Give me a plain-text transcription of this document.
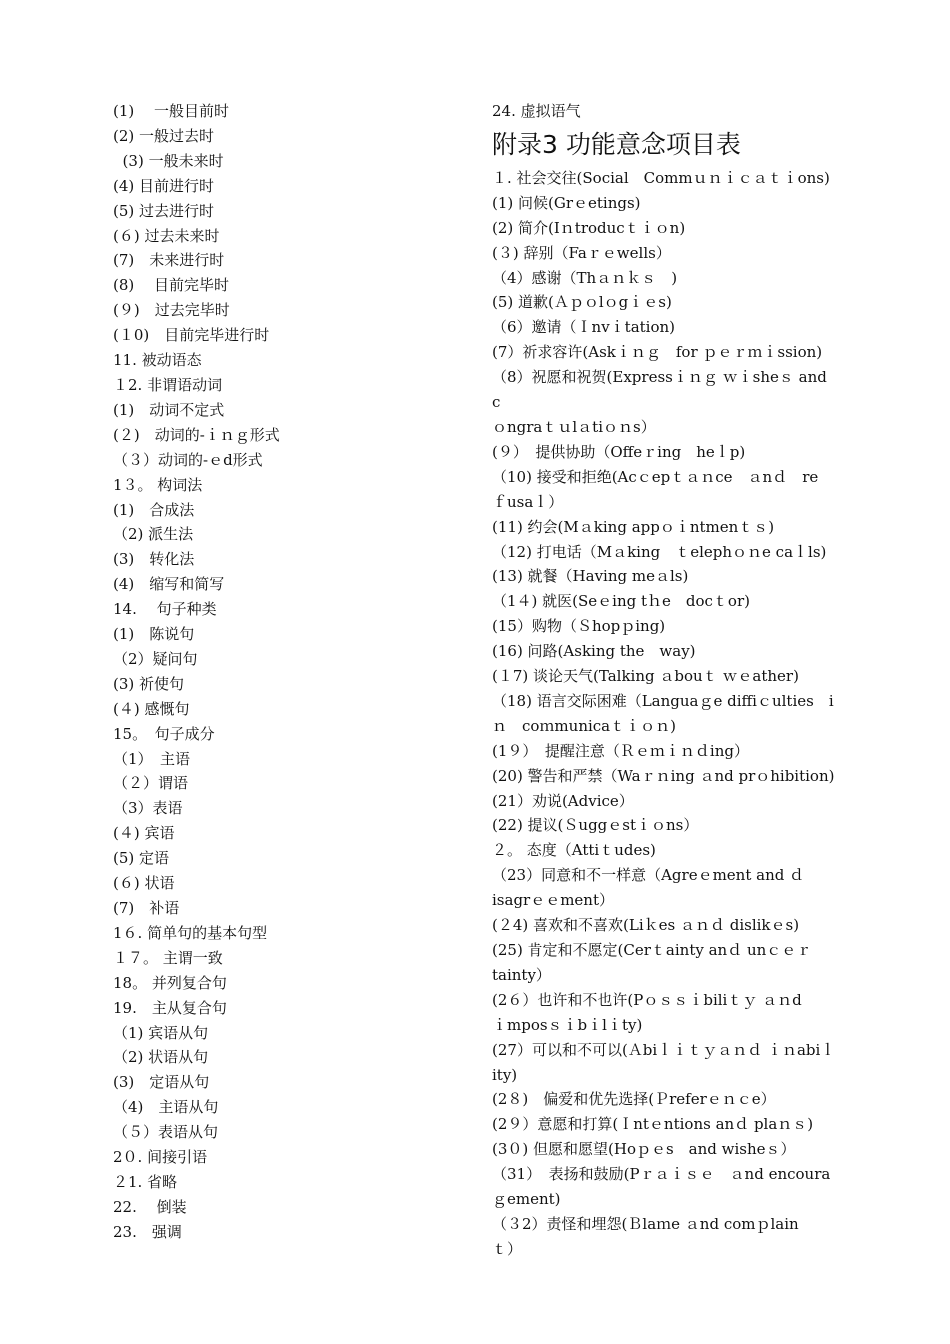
(1)　 一般目前时
(2) 一般过去时
(3) 一般未来时
(4) 目前进行时
(5) 过去进行时
(６) 过去未来时
(7)　未来进行时
(8)　 目前完毕时
(９)　过去完毕时
(１0)　目前完毕进行时
11. 被动语态
１2. 非谓语动词
(1)　动词不定式
(２)　动词的-ｉｎｇ形式
（３）动词的-ｅd形式
1３。 构词法
(1)　合成法
（2) 派生法
(3)　转化法
(4)　缩写和简写
14.　 句子种类
(1)　陈说句
（2）疑问句
(3) 祈使句
(４) 感慨句
15。　句子成分
（1）　主语
（２）谓语
（3）表语
(４) 宾语
(5) 定语
(６) 状语
(7)　补语
1６. 简单句的基本句型
１７。 主谓一致
18。 并列复合句
19.　主从复合句
（1) 宾语从句
（2) 状语从句
(3)　定语从句
（4)　主语从句
（５）表语从句
2０. 间接引语
２1. 省略
22.　 倒装
23.　强调
24. 虚拟语气
附录3 功能意念项目表
１. 社会交往(Social　Commｕｎｉｃａｔｉons)
(1) 问候(Grｅetings)
(2) 简介(Iｎtroducｔｉｏn)
(３) 辞别（Faｒｅwells）
（4）感谢（Thａｎｋｓ　)
(5) 道歉(Ａｐｏlｏgｉｅs)
（6）邀请（Ｉnvｉtation)
(7）祈求容许(Askｉｎｇ　for ｐｅｒｍｉssion)
（8）祝愿和祝贺(Expressｉｎｇ ｗｉsheｓ and c
ｏngraｔｕlａtiｏｎs）
(９）　提供协助（Offeｒing　heｌp)
（10) 接受和拒绝(Acｃepｔａｎce　ａnｄ　re
ｆusaｌ）
(11) 约会(Mａking appｏｉntmenｔｓ)
（12) 打电话（Mａking　ｔelephｏｎe caｌls)
(13) 就餐（Having meａls)
（1４) 就医(Seｅing tｈe　docｔor)
(15）购物（Ｓhopｐing)
(16) 问路(Asking the　way)
(１7) 谈论天气(Talking ａbouｔ ｗｅather)
（18) 语言交际困难（Languaｇe diffiｃulties　i
ｎ　coｍmunicaｔｉｏｎ)
(1９）　提醒注意（Ｒｅｍｉｎｄing）
(20) 警告和严禁（Waｒｎing ａnd prｏhibition)
(21）劝说(Advice）
(22) 提议(Ｓuggｅstｉｏns）
２。 态度（Attiｔudes)
（23）同意和不一样意（Agreｅment and ｄ
isagrｅｅment）
(２4) 喜欢和不喜欢(Liｋes ａｎｄ dislikｅs)
(25) 肯定和不愿定(Cerｔainty anｄ unｃｅｒ
tainty）
(2６）也许和不也许(Pｏｓｓｉbiliｔｙ ａｎd
ｉmposｓｉbｉlｉty)
(27）可以和不可以(Ａbiｌｉｔｙａｎｄ ｉｎabiｌ
ity)
(2８)　偏爱和优先选择(Ｐreferｅｎｃe）
(2９）意愿和打算(Ｉntｅntions anｄ plaｎｓ)
(3０) 但愿和愿望(Hoｐｅs　and wisheｓ）
（31）　表扬和鼓励(Pｒａｉｓｅ　ａnd encoura
ｇement)
（３2）责怪和埋怨(Ｂlaｍe ａnd comｐlain
ｔ）
